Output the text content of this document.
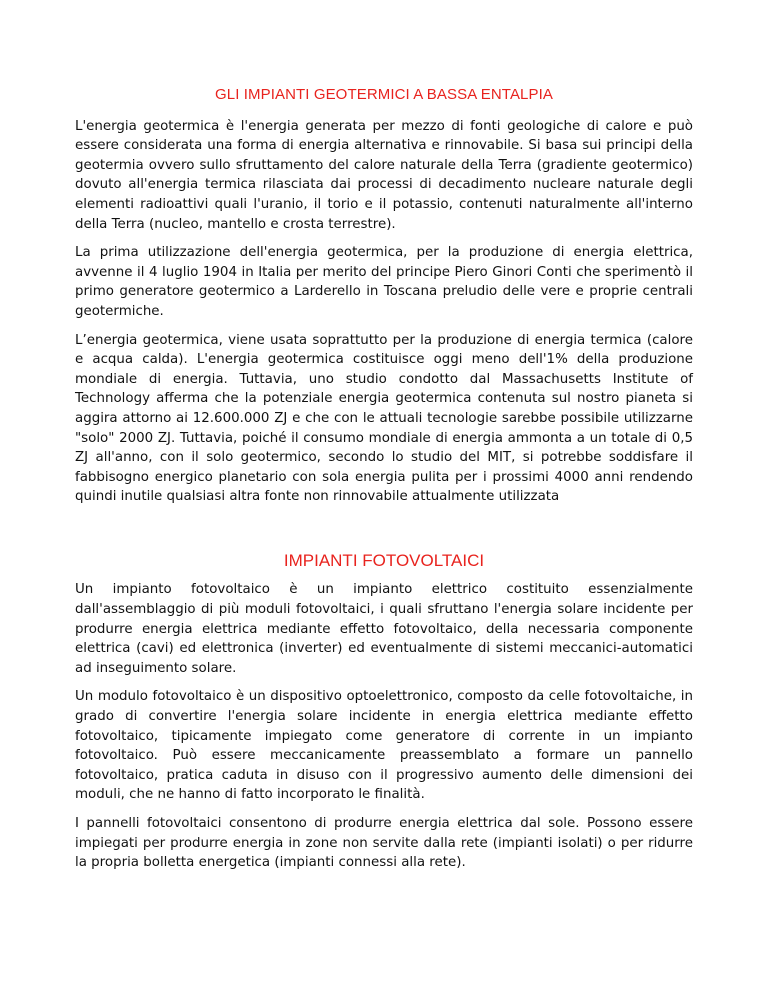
GLI IMPIANTI GEOTERMICI A BASSA ENTALPIA

L'energia geotermica è l'energia generata per mezzo di fonti geologiche di calore e può essere considerata una forma di energia alternativa e rinnovabile. Si basa sui principi della geotermia ovvero sullo sfruttamento del calore naturale della Terra (gradiente geotermico) dovuto all'energia termica rilasciata dai processi di decadimento nucleare naturale degli elementi radioattivi quali l'uranio, il torio e il potassio, contenuti naturalmente all'interno della Terra (nucleo, mantello e crosta terrestre).

La prima utilizzazione dell'energia geotermica, per la produzione di energia elettrica, avvenne il 4 luglio 1904 in Italia per merito del principe Piero Ginori Conti che sperimentò il primo generatore geotermico a Larderello in Toscana preludio delle vere e proprie centrali geotermiche.

L’energia geotermica, viene usata soprattutto per la produzione di energia termica (calore e acqua calda). L'energia geotermica costituisce oggi meno dell'1% della produzione mondiale di energia. Tuttavia, uno studio condotto dal Massachusetts Institute of Technology afferma che la potenziale energia geotermica contenuta sul nostro pianeta si aggira attorno ai 12.600.000 ZJ e che con le attuali tecnologie sarebbe possibile utilizzarne "solo" 2000 ZJ. Tuttavia, poiché il consumo mondiale di energia ammonta a un totale di 0,5 ZJ all'anno, con il solo geotermico, secondo lo studio del MIT, si potrebbe soddisfare il fabbisogno energico planetario con sola energia pulita per i prossimi 4000 anni rendendo quindi inutile qualsiasi altra fonte non rinnovabile attualmente utilizzata

IMPIANTI FOTOVOLTAICI

Un impianto fotovoltaico è un impianto elettrico costituito essenzialmente dall'assemblaggio di più moduli fotovoltaici, i quali sfruttano l'energia solare incidente per produrre energia elettrica mediante effetto fotovoltaico, della necessaria componente elettrica (cavi) ed elettronica (inverter) ed eventualmente di sistemi meccanici-automatici ad inseguimento solare.

Un modulo fotovoltaico è un dispositivo optoelettronico, composto da celle fotovoltaiche, in grado di convertire l'energia solare incidente in energia elettrica mediante effetto fotovoltaico, tipicamente impiegato come generatore di corrente in un impianto fotovoltaico. Può essere meccanicamente preassemblato a formare un pannello fotovoltaico, pratica caduta in disuso con il progressivo aumento delle dimensioni dei moduli, che ne hanno di fatto incorporato le finalità.

I pannelli fotovoltaici consentono di produrre energia elettrica dal sole. Possono essere impiegati per produrre energia in zone non servite dalla rete (impianti isolati) o per ridurre la propria bolletta energetica (impianti connessi alla rete).
